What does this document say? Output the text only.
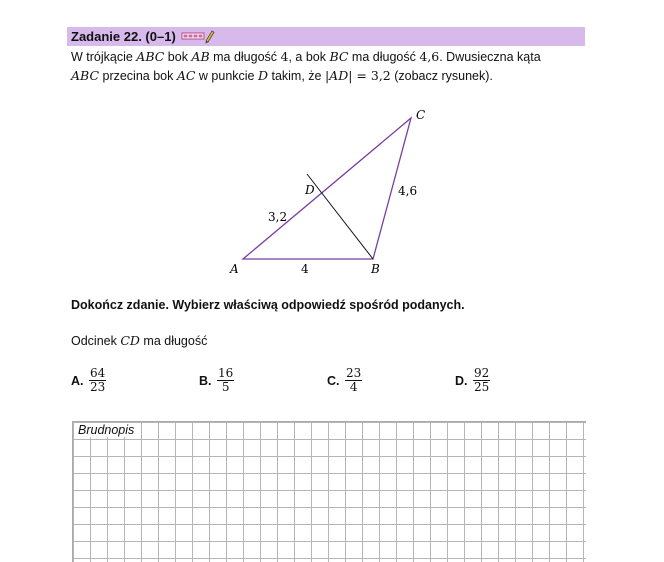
Zadanie 22. (0–1)
W trójkącie ABC bok AB ma długość 4, a bok BC ma długość 4,6. Dwusieczna kąta
ABC przecina bok AC w punkcie D takim, że |AD| = 3,2 (zobacz rysunek).
A	B
C
D
3,2
4
4,6
Dokończ zdanie. Wybierz właściwą odpowiedź spośród podanych.
Odcinek CD ma długość
A. $\frac{64}{23}$	B. $\frac{16}{5}$	C. $\frac{23}{4}$	D. $\frac{92}{25}$
Brudnopis
